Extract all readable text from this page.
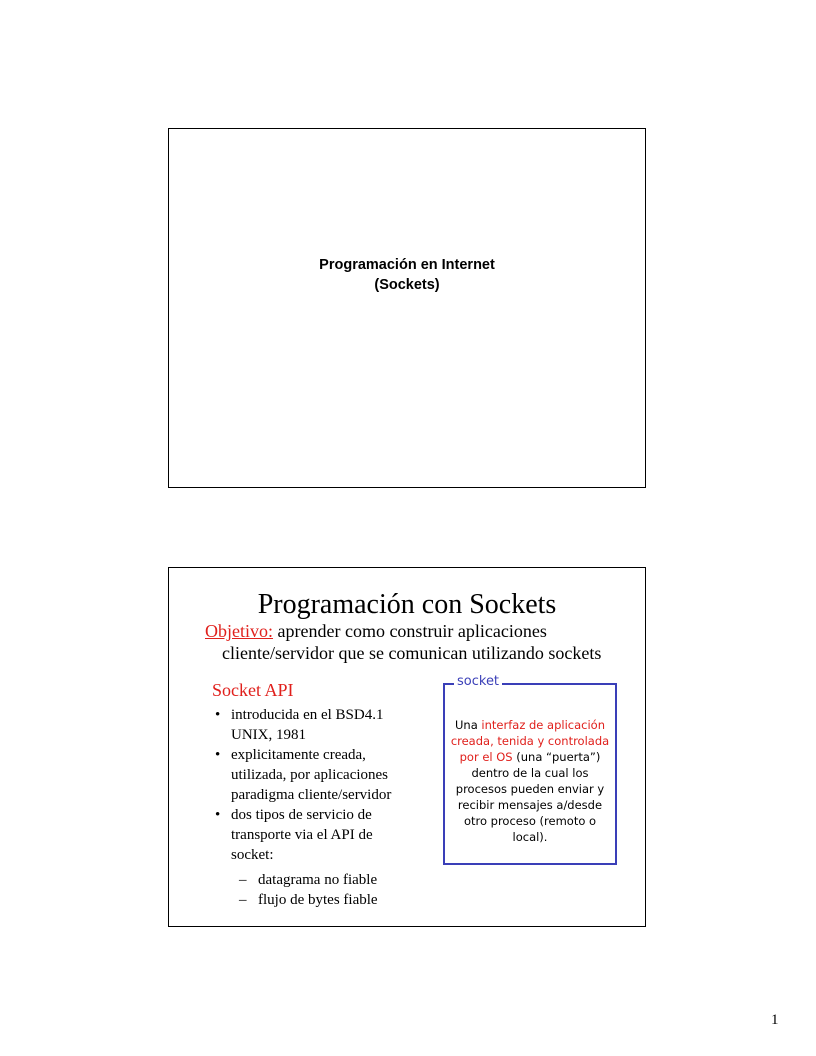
Programación en Internet
(Sockets)
Programación con Sockets
Objetivo: aprender como construir aplicaciones
cliente/servidor que se comunican utilizando sockets
Socket API
• introducida en el BSD4.1
UNIX, 1981
• explicitamente creada,
utilizada, por aplicaciones
paradigma cliente/servidor
• dos tipos de servicio de
transporte via el API de
socket:
– datagrama no fiable
– flujo de bytes fiable
socket
Una interfaz de aplicación creada, tenida y controlada por el OS (una “puerta”) dentro de la cual los procesos pueden enviar y recibir mensajes a/desde otro proceso (remoto o local).
1
